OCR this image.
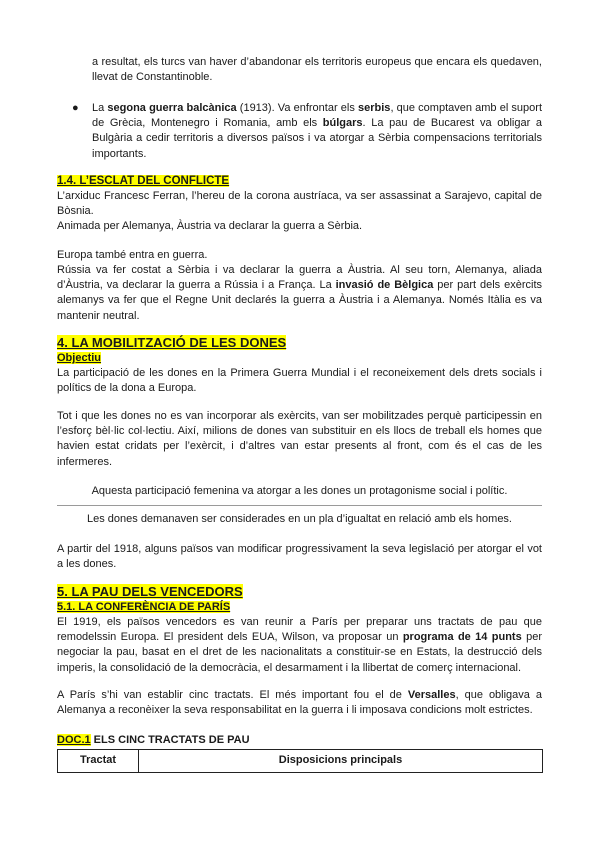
a resultat, els turcs van haver d’abandonar els territoris europeus que encara els quedaven, llevat de Constantinoble.

● La segona guerra balcànica (1913). Va enfrontar els serbis, que comptaven amb el suport de Grècia, Montenegro i Romania, amb els búlgars. La pau de Bucarest va obligar a Bulgària a cedir territoris a diversos països i va atorgar a Sèrbia compensacions territorials importants.

1.4. L’ESCLAT DEL CONFLICTE

L’arxiduc Francesc Ferran, l’hereu de la corona austríaca, va ser assassinat a Sarajevo, capital de Bòsnia.

Animada per Alemanya, Àustria va declarar la guerra a Sèrbia.

Europa també entra en guerra.

Rússia va fer costat a Sèrbia i va declarar la guerra a Àustria. Al seu torn, Alemanya, aliada d’Àustria, va declarar la guerra a Rússia i a França. La invasió de Bèlgica per part dels exèrcits alemanys va fer que el Regne Unit declarés la guerra a Àustria i a Alemanya. Només Itàlia es va mantenir neutral.

4. LA MOBILITZACIÓ DE LES DONES
Objectiu

La participació de les dones en la Primera Guerra Mundial i el reconeixement dels drets socials i polítics de la dona a Europa.

Tot i que les dones no es van incorporar als exèrcits, van ser mobilitzades perquè participessin en l’esforç bèl·lic col·lectiu. Així, milions de dones van substituir en els llocs de treball els homes que havien estat cridats per l’exèrcit, i d’altres van estar presents al front, com és el cas de les infermeres.

Aquesta participació femenina va atorgar a les dones un protagonisme social i polític.

Les dones demanaven ser considerades en un pla d’igualtat en relació amb els homes.

A partir del 1918, alguns països van modificar progressivament la seva legislació per atorgar el vot a les dones.

5. LA PAU DELS VENCEDORS
5.1. LA CONFERÈNCIA DE PARÍS

El 1919, els països vencedors es van reunir a París per preparar uns tractats de pau que remodelssin Europa. El president dels EUA, Wilson, va proposar un programa de 14 punts per negociar la pau, basat en el dret de les nacionalitats a constituir-se en Estats, la destrucció dels imperis, la consolidació de la democràcia, el desarmament i la llibertat de comerç internacional.

A París s’hi van establir cinc tractats. El més important fou el de Versalles, que obligava a Alemanya a reconèixer la seva responsabilitat en la guerra i li imposava condicions molt estrictes.

DOC.1 ELS CINC TRACTATS DE PAU
Tractat	Disposicions principals
